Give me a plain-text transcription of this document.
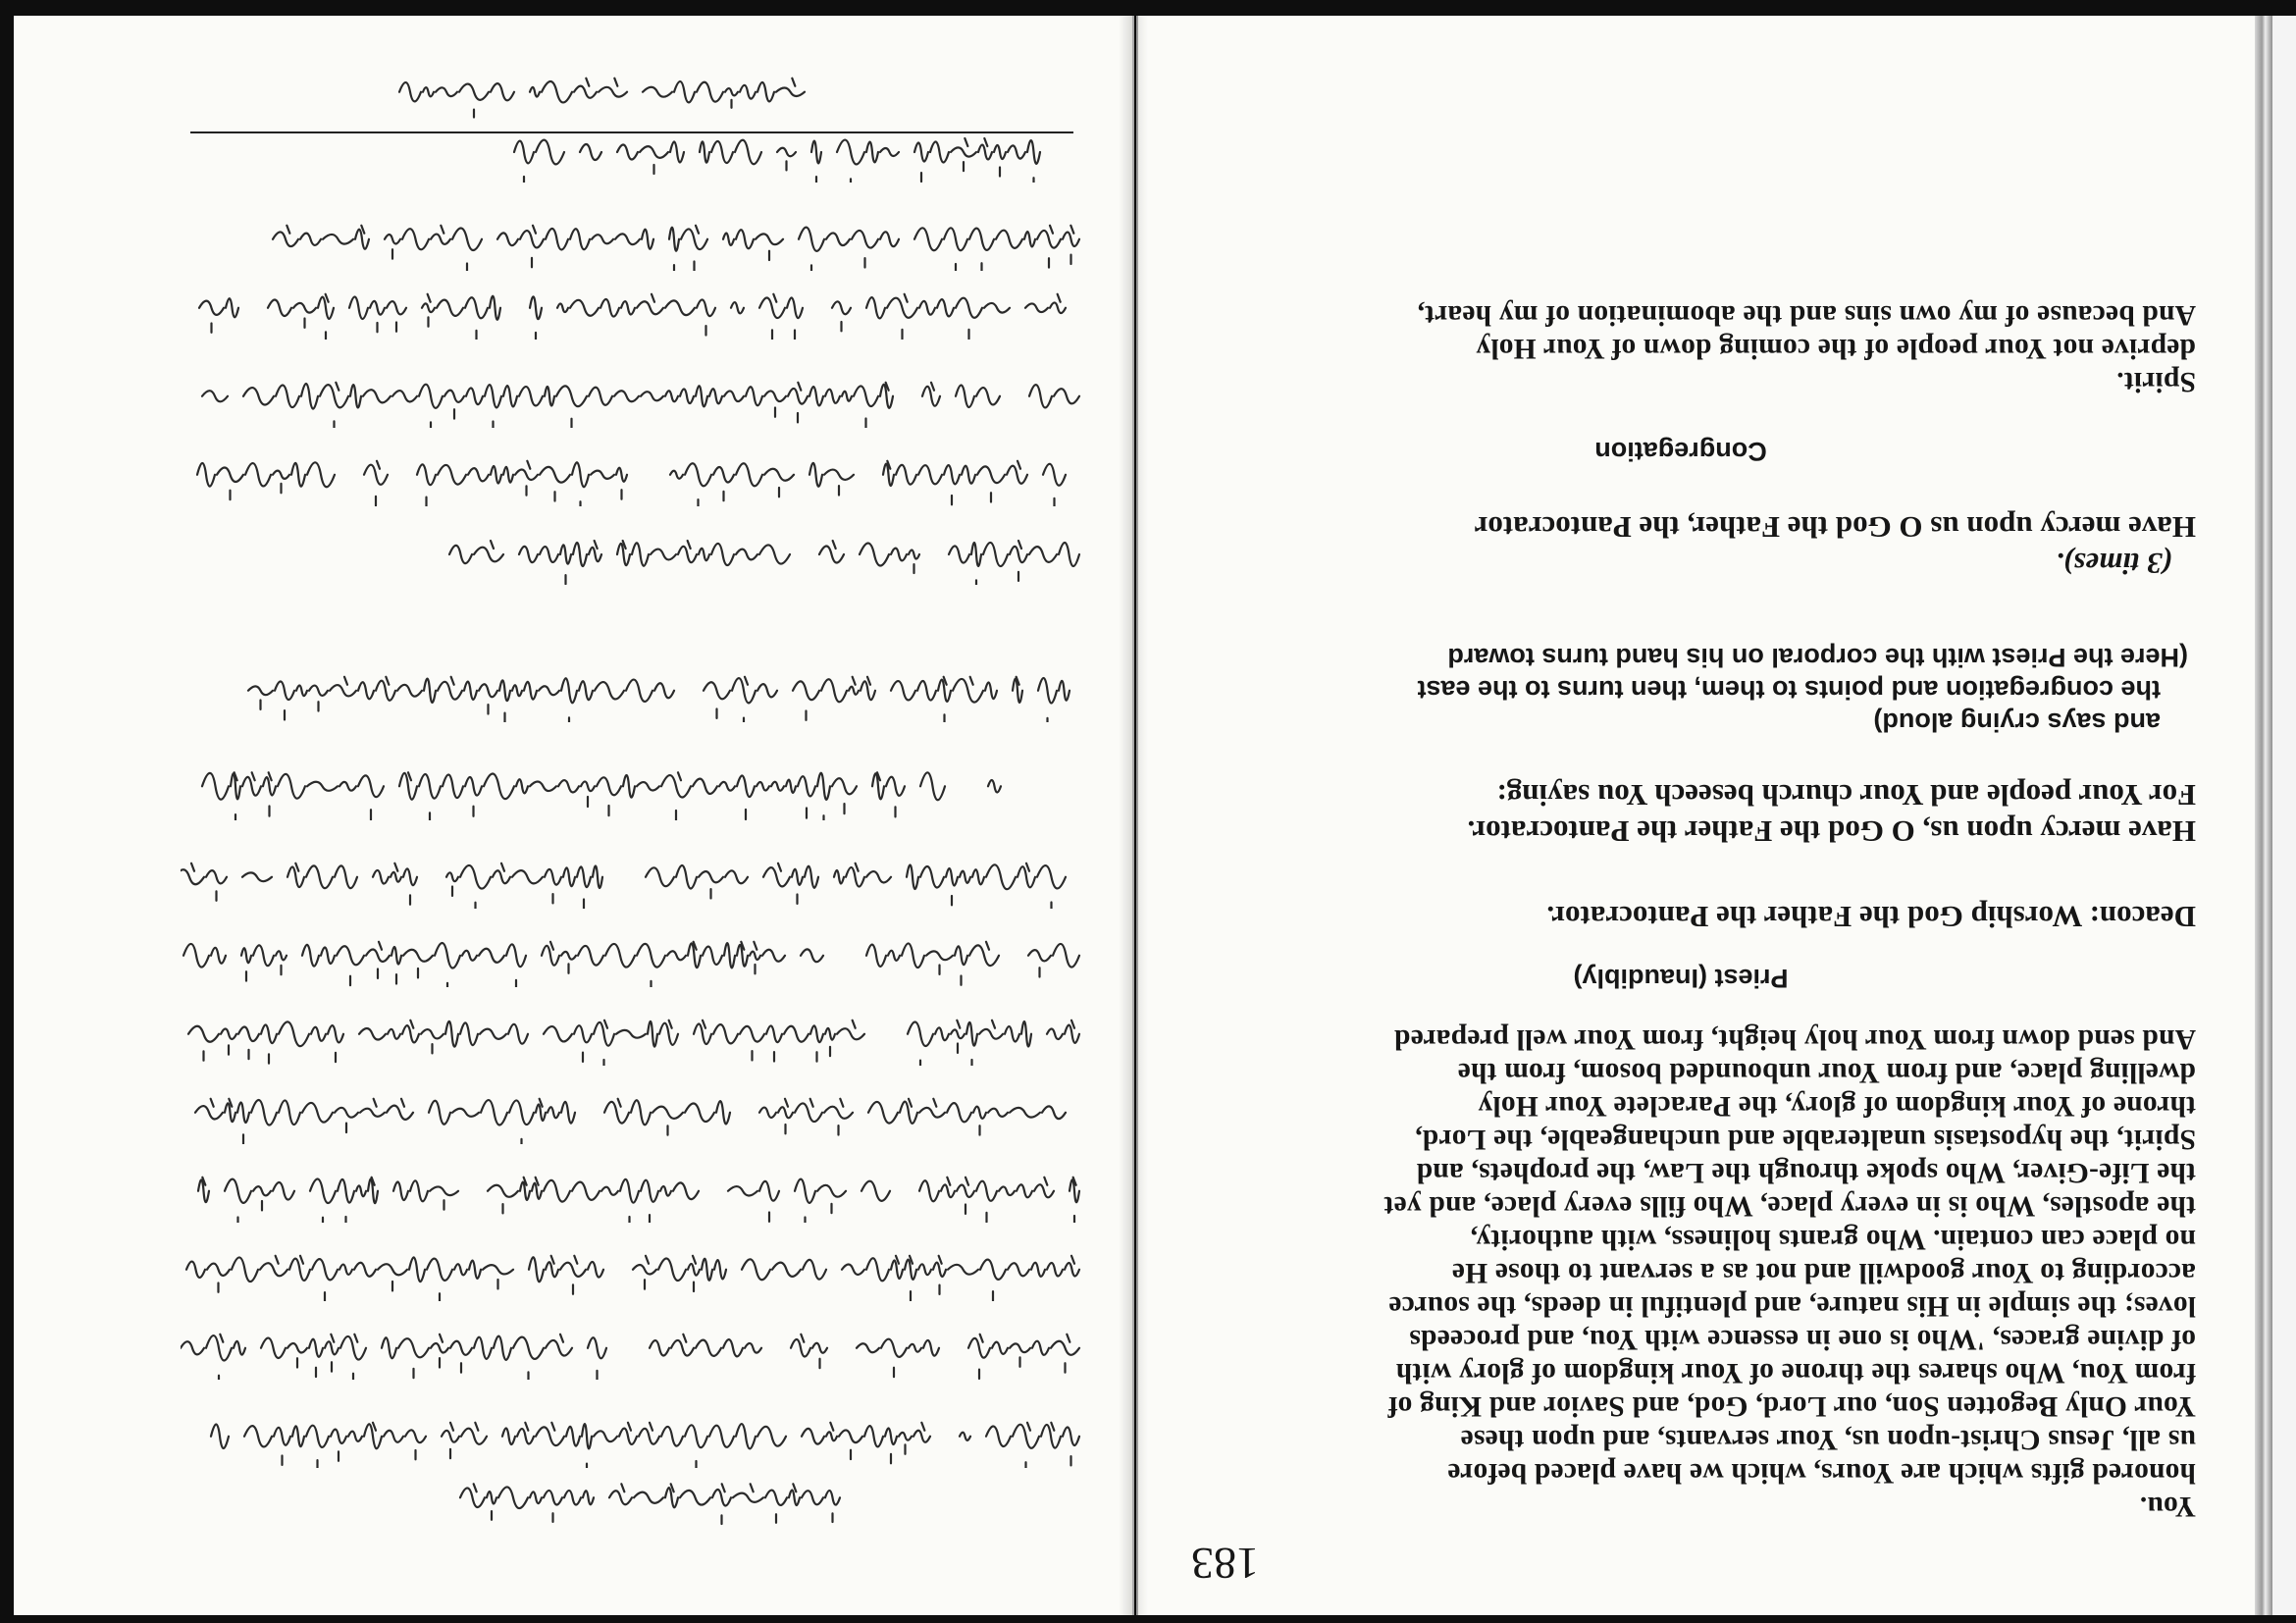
183

You.

honored gifts which are Yours, which we have placed before

us all, Jesus Christ-upon us, Your servants, and upon these

Your Only Begotten Son, our Lord, God, and Savior and King of

from You, Who shares the throne of Your kingdom of glory with

of divine graces, 'Who is one in essence with You, and proceeds

loves; the simple in His nature, and plentiful in deeds, the source

according to Your goodwill and not as a servant to those He

no place can contain. Who grants holiness, with authority,

the apostles, Who is in every place, Who fills every place, and yet

the Life-Giver, Who spoke through the Law, the prophets, and

Spirit, the hypostasis unalterable and unchangeable, the Lord,

throne of Your kingdom of glory, the Paraclete Your Holy

dwelling place, and from Your unbounded bosom, from the

And send down from Your holy height, from Your well prepared

Priest (Inaudibly)

Deacon: Worship God the Father the Pantocrator.

Have mercy upon us, O God the Father the Pantocrator.

For Your people and Your church beseech You saying:

and says crying aloud)

the congregation and points to them, then turns to the east

(Here the Priest with the corporal on his hand turns toward

(3 times).

Have mercy upon us O God the Father, the Pantocrator

Congregation

Spirit.

deprive not Your people of the coming down of Your Holy

And because of my own sins and the abomination of my heart,
